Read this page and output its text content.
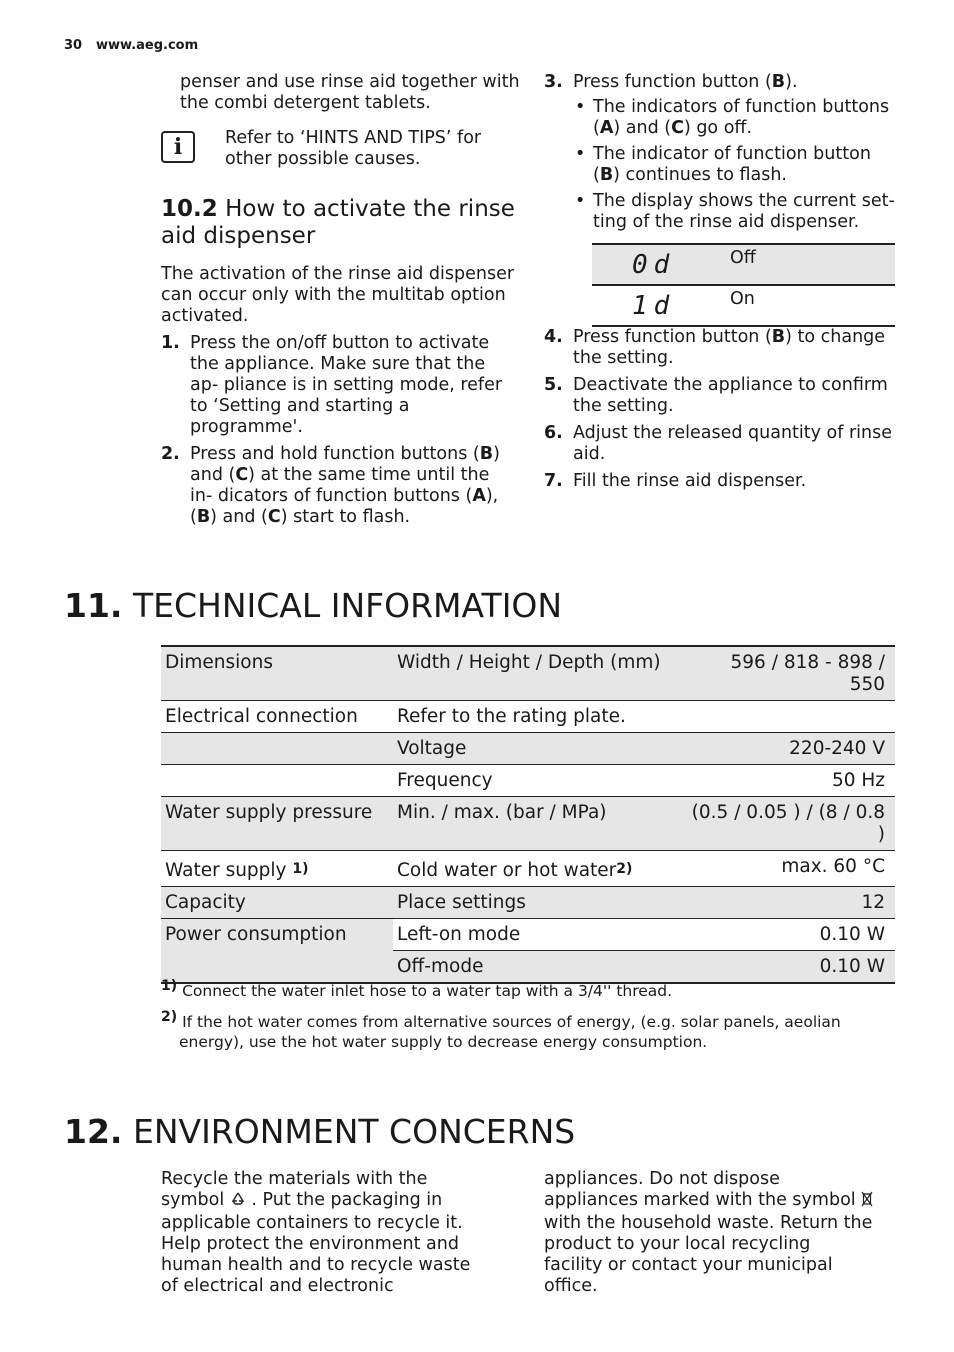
30 www.aeg.com
penser and use rinse aid together with the combi detergent tablets.
i	Refer to ‘HINTS AND TIPS’ for other possible causes.
10.2 How to activate the rinse aid dispenser
The activation of the rinse aid dispenser can occur only with the multitab option activated.
1. Press the on/off button to activate the appliance. Make sure that the ap- pliance is in setting mode, refer to ‘Setting and starting a programme'.
2. Press and hold function buttons (B) and (C) at the same time until the in- dicators of function buttons (A), (B) and (C) start to flash.
3. Press function button (B).
• The indicators of function buttons (A) and (C) go off.
• The indicator of function button (B) continues to flash.
• The display shows the current set- ting of the rinse aid dispenser.
0d	Off
1d	On
4. Press function button (B) to change the setting.
5. Deactivate the appliance to confirm the setting.
6. Adjust the released quantity of rinse aid.
7. Fill the rinse aid dispenser.
11. TECHNICAL INFORMATION
Dimensions	Width / Height / Depth (mm)	596 / 818 - 898 / 550
Electrical connection	Refer to the rating plate.	
	Voltage	220-240 V
	Frequency	50 Hz
Water supply pressure	Min. / max. (bar / MPa)	(0.5 / 0.05 ) / (8 / 0.8 )
Water supply $^{1)}$	Cold water or hot water$^{2)}$	max. 60 °C
Capacity	Place settings	12
Power consumption	Left-on mode	0.10 W
	Off-mode	0.10 W
$^{1)}$ Connect the water inlet hose to a water tap with a 3/4'' thread.
$^{2)}$ If the hot water comes from alternative sources of energy, (e.g. solar panels, aeolian energy), use the hot water supply to decrease energy consumption.
12. ENVIRONMENT CONCERNS
Recycle the materials with the symbol . Put the packaging in applicable containers to recycle it. Help protect the environment and human health and to recycle waste of electrical and electronic
appliances. Do not dispose appliances marked with the symbol  with the household waste. Return the product to your local recycling facility or contact your municipal office.
